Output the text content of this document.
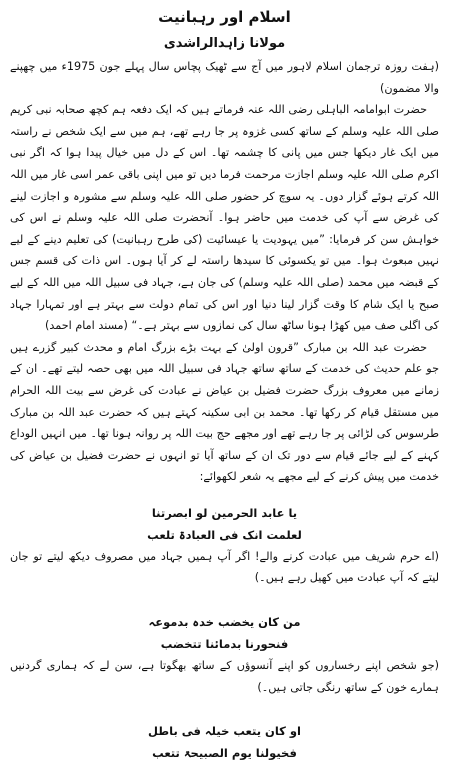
اسلام اور رہبانیت
مولانا زاہدالراشدی

(ہفت روزہ ترجمان اسلام لاہور میں آج سے ٹھیک پچاس سال پہلے جون 1975ء میں چھپنے والا مضمون)

حضرت ابوامامہ الباہلی رضی اللہ عنہ فرماتے ہیں کہ ایک دفعہ ہم کچھ صحابہ نبی کریم صلی اللہ علیہ وسلم کے ساتھ کسی غزوہ پر جا رہے تھے، ہم میں سے ایک شخص نے راستہ میں ایک غار دیکھا جس میں پانی کا چشمہ تھا۔ اس کے دل میں خیال پیدا ہوا کہ اگر نبی اکرم صلی اللہ علیہ وسلم اجازت مرحمت فرما دیں تو میں اپنی باقی عمر اسی غار میں اللہ اللہ کرتے ہوئے گزار دوں۔ یہ سوچ کر حضور صلی اللہ علیہ وسلم سے مشورہ و اجازت لینے کی غرض سے آپ کی خدمت میں حاضر ہوا۔ آنحضرت صلی اللہ علیہ وسلم نے اس کی خواہش سن کر فرمایا: ”میں یہودیت یا عیسائیت (کی طرح رہبانیت) کی تعلیم دینے کے لیے نہیں مبعوث ہوا۔ میں تو یکسوئی کا سیدھا راستہ لے کر آیا ہوں۔ اس ذات کی قسم جس کے قبضہ میں محمد (صلی اللہ علیہ وسلم) کی جان ہے، جہاد فی سبیل اللہ میں اللہ کے لیے صبح یا ایک شام کا وقت گزار لینا دنیا اور اس کی تمام دولت سے بہتر ہے اور تمہارا جہاد کی اگلی صف میں کھڑا ہونا ساٹھ سال کی نمازوں سے بہتر ہے۔“ (مسند امام احمد)

حضرت عبد اللہ بن مبارک ”قرون اولیٰ کے بہت بڑے بزرگ امام و محدث کبیر گزرے ہیں جو علم حدیث کی خدمت کے ساتھ ساتھ جہاد فی سبیل اللہ میں بھی حصہ لیتے تھے۔ ان کے زمانے میں معروف بزرگ حضرت فضیل بن عیاض نے عبادت کی غرض سے بیت اللہ الحرام میں مستقل قیام کر رکھا تھا۔ محمد بن ابی سکینہ کہتے ہیں کہ حضرت عبد اللہ بن مبارک طرسوس کی لڑائی پر جا رہے تھے اور مجھے حج بیت اللہ پر روانہ ہونا تھا۔ میں انہیں الوداع کہنے کے لیے جائے قیام سے دور تک ان کے ساتھ آیا تو انہوں نے حضرت فضیل بن عیاض کی خدمت میں پیش کرنے کے لیے مجھے یہ شعر لکھوائے:

یا عابد الحرمین لو ابصرتنا

لعلمت انک فی العبادۃ تلعب

(اے حرم شریف میں عبادت کرنے والے! اگر آپ ہمیں جہاد میں مصروف دیکھ لیتے تو جان لیتے کہ آپ عبادت میں کھیل رہے ہیں۔)

من کان یخضب خدہ بدموعہ

فنحورنا بدمائنا تتخضب

(جو شخص اپنے رخساروں کو اپنے آنسوؤں کے ساتھ بھگوتا ہے، سن لے کہ ہماری گردنیں ہمارے خون کے ساتھ رنگی جاتی ہیں۔)

او کان یتعب خیلہ فی باطل

فخیولنا یوم الصبیحۃ تتعب
